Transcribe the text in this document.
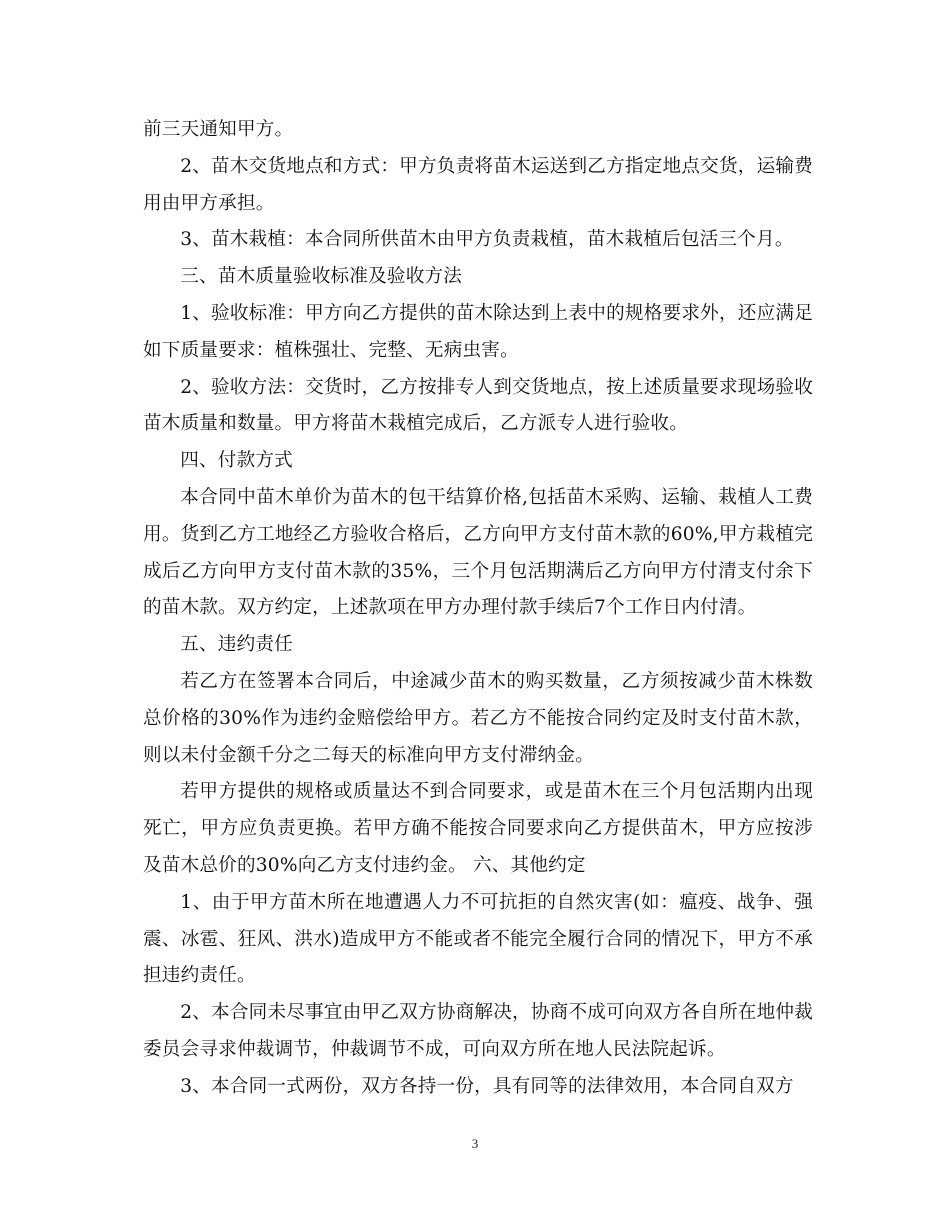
前三天通知甲方。

2、苗木交货地点和方式：甲方负责将苗木运送到乙方指定地点交货，运输费用由甲方承担。

3、苗木栽植：本合同所供苗木由甲方负责栽植，苗木栽植后包活三个月。

三、苗木质量验收标准及验收方法

1、验收标准：甲方向乙方提供的苗木除达到上表中的规格要求外，还应满足如下质量要求：植株强壮、完整、无病虫害。

2、验收方法：交货时，乙方按排专人到交货地点，按上述质量要求现场验收苗木质量和数量。甲方将苗木栽植完成后，乙方派专人进行验收。

四、付款方式

本合同中苗木单价为苗木的包干结算价格,包括苗木采购、运输、栽植人工费用。货到乙方工地经乙方验收合格后，乙方向甲方支付苗木款的60%,甲方栽植完成后乙方向甲方支付苗木款的35%，三个月包活期满后乙方向甲方付清支付余下的苗木款。双方约定，上述款项在甲方办理付款手续后7个工作日内付清。

五、违约责任

若乙方在签署本合同后，中途减少苗木的购买数量，乙方须按减少苗木株数总价格的30%作为违约金赔偿给甲方。若乙方不能按合同约定及时支付苗木款，则以未付金额千分之二每天的标准向甲方支付滞纳金。

若甲方提供的规格或质量达不到合同要求，或是苗木在三个月包活期内出现死亡，甲方应负责更换。若甲方确不能按合同要求向乙方提供苗木，甲方应按涉及苗木总价的30%向乙方支付违约金。 六、其他约定

1、由于甲方苗木所在地遭遇人力不可抗拒的自然灾害(如：瘟疫、战争、强震、冰雹、狂风、洪水)造成甲方不能或者不能完全履行合同的情况下，甲方不承担违约责任。

2、本合同未尽事宜由甲乙双方协商解决，协商不成可向双方各自所在地仲裁委员会寻求仲裁调节，仲裁调节不成，可向双方所在地人民法院起诉。

3、本合同一式两份，双方各持一份，具有同等的法律效用，本合同自双方

3
